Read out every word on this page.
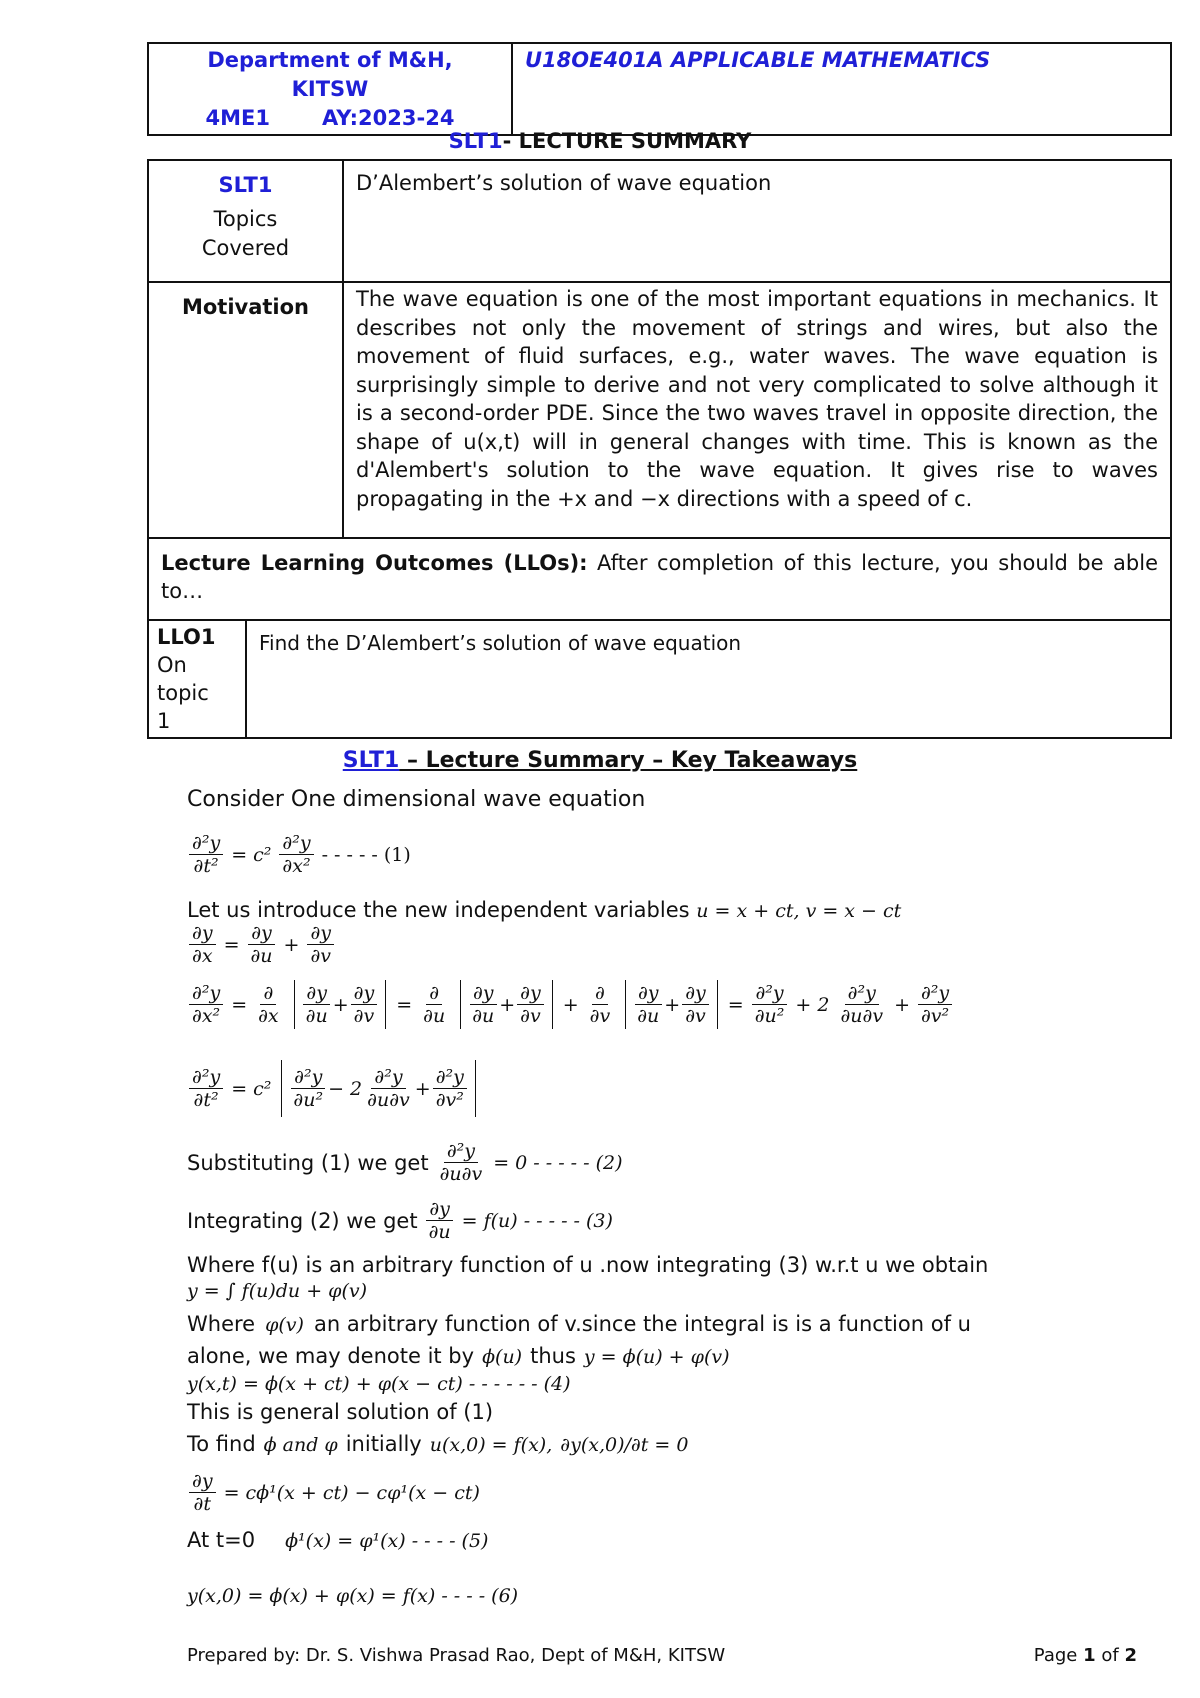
Department of M&H,
KITSW
4ME1 AY:2023-24
	U18OE401A APPLICABLE MATHEMATICS
SLT1- LECTURE SUMMARY
SLT1
Topics Covered
	D’Alembert’s solution of wave equation
Motivation	The wave equation is one of the most important equations in mechanics. It describes not only the movement of strings and wires, but also the movement of fluid surfaces, e.g., water waves. The wave equation is surprisingly simple to derive and not very complicated to solve although it is a second-order PDE. Since the two waves travel in opposite direction, the shape of u(x,t) will in general changes with time. This is known as the d'Alembert's solution to the wave equation. It gives rise to waves propagating in the +x and −x directions with a speed of c.
Lecture Learning Outcomes (LLOs): After completion of this lecture, you should be able to…

LLO1
On topic 1
	Find the D’Alembert’s solution of wave equation
SLT1 – Lecture Summary – Key Takeaways
Consider One dimensional wave equation
$\frac{\text{∂²y}}{\text{∂t²}} = c^2 \frac{\text{∂²y}}{\text{∂x²}}$ - - - - - (1)
Let us introduce the new independent variables u = x + ct, v = x − ct
$\frac{\partial y}{\partial x} = \frac{\partial y}{\partial u} + \frac{\partial y}{\partial v}$
$\frac{\text{∂²y}}{\text{∂x²}} = \frac{\partial}{\partial x} \frac{\partial y}{\partial u} + \frac{\partial y}{\partial v} = \frac{\partial}{\partial u} \frac{\partial y}{\partial u} + \frac{\partial y}{\partial v} + \frac{\partial}{\partial v} \frac{\partial y}{\partial u} + \frac{\partial y}{\partial v} = \frac{\text{∂²y}}{\text{∂u²}} + 2 \frac{\text{∂²y}}{\partial u\partial v} + \frac{\text{∂²y}}{\text{∂v²}}$
$\frac{\text{∂²y}}{\text{∂t²}} = c^2 \frac{\text{∂²y}}{\text{∂u²}} - 2 \frac{\text{∂²y}}{\partial u\partial v} + \frac{\text{∂²y}}{\text{∂v²}}$
Substituting (1) we get $\frac{\text{∂²y}}{\partial u\partial v} = 0$ - - - - - (2)
Integrating (2) we get $\frac{\partial y}{\partial u} = f(u)$ - - - - - (3)
Where f(u) is an arbitrary function of u .now integrating (3) w.r.t u we obtain
y = ∫ f(u)du + φ(v)
Where φ(v) an arbitrary function of v.since the integral is is a function of u
alone, we may denote it by ϕ(u) thus y = ϕ(u) + φ(v)
y(x,t) = ϕ(x + ct) + φ(x − ct) - - - - - - (4)
This is general solution of (1)
To find ϕ and φ initially u(x,0) = f(x), ∂y(x,0)/∂t = 0
$\frac{\partial y}{\partial t} = c\phi^1(x + ct) - c\varphi^1(x - ct)$
At t=0 ϕ¹(x) = φ¹(x) - - - - (5)
y(x,0) = ϕ(x) + φ(x) = f(x) - - - - (6)
Prepared by: Dr. S. Vishwa Prasad Rao, Dept of M&H, KITSW	Page 1 of 2
